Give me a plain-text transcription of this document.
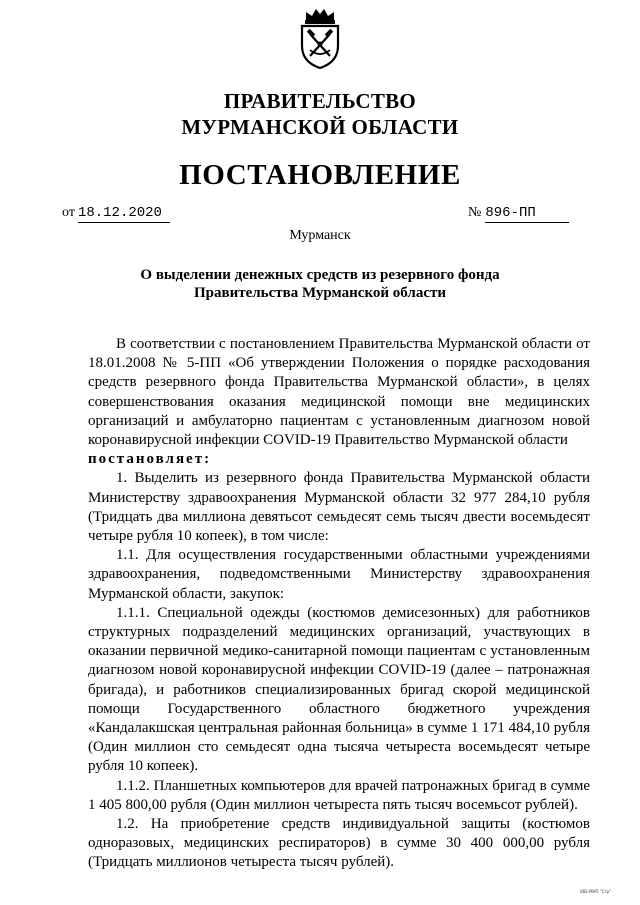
ПРАВИТЕЛЬСТВО
МУРМАНСКОЙ ОБЛАСТИ
ПОСТАНОВЛЕНИЕ
от 18.12.2020	№ 896-ПП
Мурманск
О выделении денежных средств из резервного фонда
Правительства Мурманской области

В соответствии с постановлением Правительства Мурманской области от 18.01.2008 № 5-ПП «Об утверждении Положения о порядке расходования средств резервного фонда Правительства Мурманской области», в целях совершенствования оказания медицинской помощи вне медицинских организаций и амбулаторно пациентам с установленным диагнозом новой коронавирусной инфекции COVID-19 Правительство Мурманской области

постановляет:

1. Выделить из резервного фонда Правительства Мурманской области Министерству здравоохранения Мурманской области 32 977 284,10 рубля (Тридцать два миллиона девятьсот семьдесят семь тысяч двести восемьдесят четыре рубля 10 копеек), в том числе:

1.1. Для осуществления государственными областными учреждениями здравоохранения, подведомственными Министерству здравоохранения Мурманской области, закупок:

1.1.1. Специальной одежды (костюмов демисезонных) для работников структурных подразделений медицинских организаций, участвующих в оказании первичной медико-санитарной помощи пациентам с установленным диагнозом новой коронавирусной инфекции COVID-19 (далее – патронажная бригада), и работников специализированных бригад скорой медицинской помощи Государственного областного бюджетного учреждения «Кандалакшская центральная районная больница» в сумме 1 171 484,10 рубля (Один миллион сто семьдесят одна тысяча четыреста восемьдесят четыре рубля 10 копеек).

1.1.2. Планшетных компьютеров для врачей патронажных бригад в сумме 1 405 800,00 рубля (Один миллион четыреста пять тысяч восемьсот рублей).

1.2. На приобретение средств индивидуальной защиты (костюмов одноразовых, медицинских респираторов) в сумме 30 400 000,00 рубля (Тридцать миллионов четыреста тысяч рублей).

082-МНП "Сгр"
